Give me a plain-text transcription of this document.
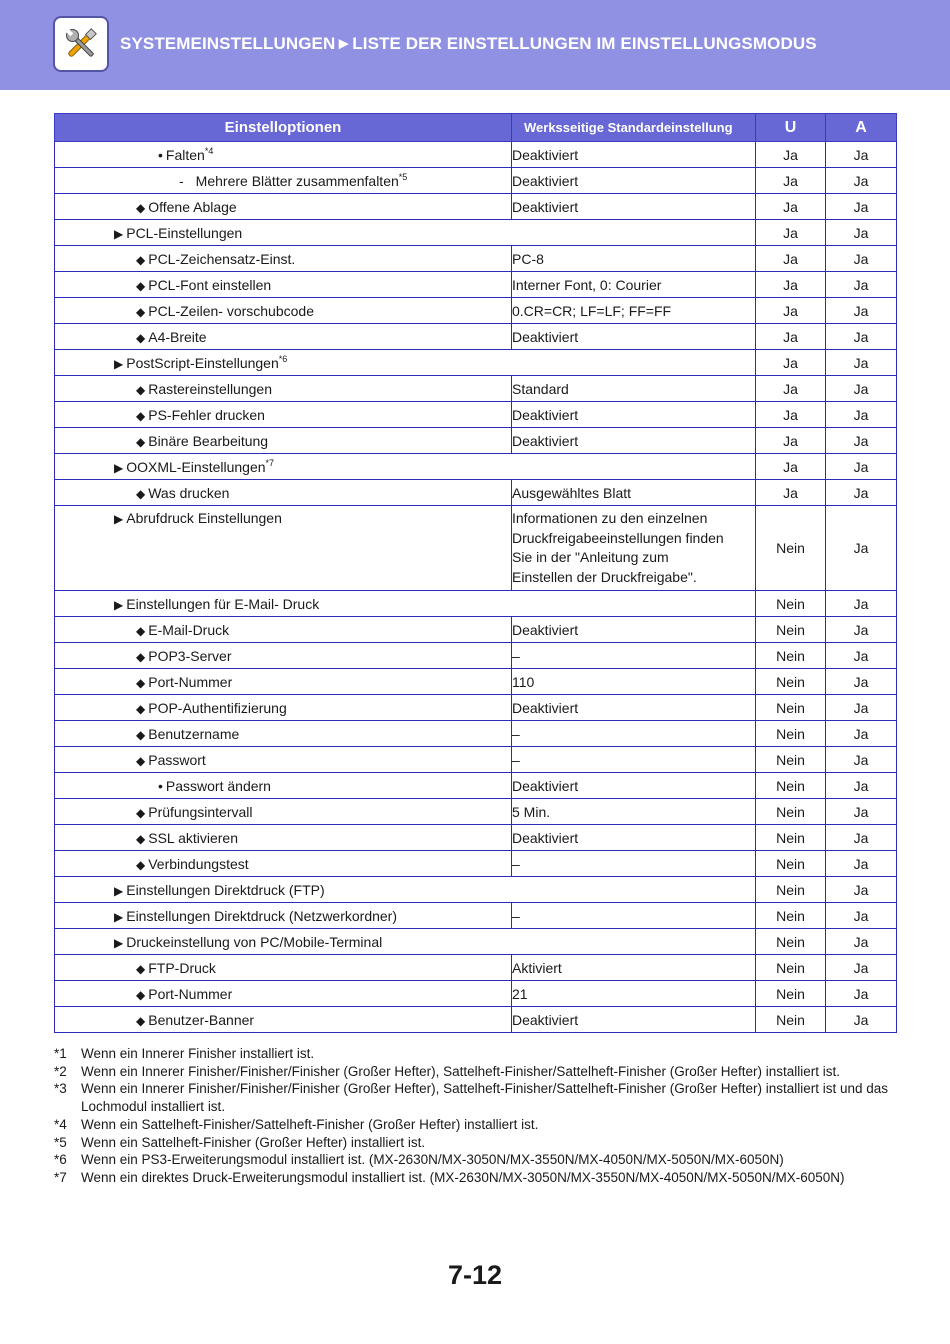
SYSTEMEINSTELLUNGEN►LISTE DER EINSTELLUNGEN IM EINSTELLUNGSMODUS
Einstelloptionen	Werksseitige Standardeinstellung	U	A

• Falten$^{*4}$	Deaktiviert	Ja	Ja

- Mehrere Blätter zusammenfalten$^{*5}$	Deaktiviert	Ja	Ja

◆ Offene Ablage	Deaktiviert	Ja	Ja

▶ PCL-Einstellungen		Ja	Ja

◆ PCL-Zeichensatz-Einst.	PC-8	Ja	Ja

◆ PCL-Font einstellen	Interner Font, 0: Courier	Ja	Ja

◆ PCL-Zeilen- vorschubcode	0.CR=CR; LF=LF; FF=FF	Ja	Ja

◆ A4-Breite	Deaktiviert	Ja	Ja

▶ PostScript-Einstellungen$^{*6}$		Ja	Ja

◆ Rastereinstellungen	Standard	Ja	Ja

◆ PS-Fehler drucken	Deaktiviert	Ja	Ja

◆ Binäre Bearbeitung	Deaktiviert	Ja	Ja

▶ OOXML-Einstellungen$^{*7}$		Ja	Ja

◆ Was drucken	Ausgewähltes Blatt	Ja	Ja

▶ Abrufdruck Einstellungen	Informationen zu den einzelnen
Druckfreigabeeinstellungen finden
Sie in der "Anleitung zum
Einstellen der Druckfreigabe".	Nein	Ja

▶ Einstellungen für E-Mail- Druck		Nein	Ja

◆ E-Mail-Druck	Deaktiviert	Nein	Ja

◆ POP3-Server	–	Nein	Ja

◆ Port-Nummer	110	Nein	Ja

◆ POP-Authentifizierung	Deaktiviert	Nein	Ja

◆ Benutzername	–	Nein	Ja

◆ Passwort	–	Nein	Ja

• Passwort ändern	Deaktiviert	Nein	Ja

◆ Prüfungsintervall	5 Min.	Nein	Ja

◆ SSL aktivieren	Deaktiviert	Nein	Ja

◆ Verbindungstest	–	Nein	Ja

▶ Einstellungen Direktdruck (FTP)		Nein	Ja

▶ Einstellungen Direktdruck (Netzwerkordner)	–	Nein	Ja

▶ Druckeinstellung von PC/Mobile-Terminal		Nein	Ja

◆ FTP-Druck	Aktiviert	Nein	Ja

◆ Port-Nummer	21	Nein	Ja

◆ Benutzer-Banner	Deaktiviert	Nein	Ja
*1	Wenn ein Innerer Finisher installiert ist.
*2	Wenn ein Innerer Finisher/Finisher/Finisher (Großer Hefter), Sattelheft-Finisher/Sattelheft-Finisher (Großer Hefter) installiert ist.
*3	Wenn ein Innerer Finisher/Finisher/Finisher (Großer Hefter), Sattelheft-Finisher/Sattelheft-Finisher (Großer Hefter) installiert ist und das Lochmodul installiert ist.
*4	Wenn ein Sattelheft-Finisher/Sattelheft-Finisher (Großer Hefter) installiert ist.
*5	Wenn ein Sattelheft-Finisher (Großer Hefter) installiert ist.
*6	Wenn ein PS3-Erweiterungsmodul installiert ist. (MX-2630N/MX-3050N/MX-3550N/MX-4050N/MX-5050N/MX-6050N)
*7	Wenn ein direktes Druck-Erweiterungsmodul installiert ist. (MX-2630N/MX-3050N/MX-3550N/MX-4050N/MX-5050N/MX-6050N)
7-12
